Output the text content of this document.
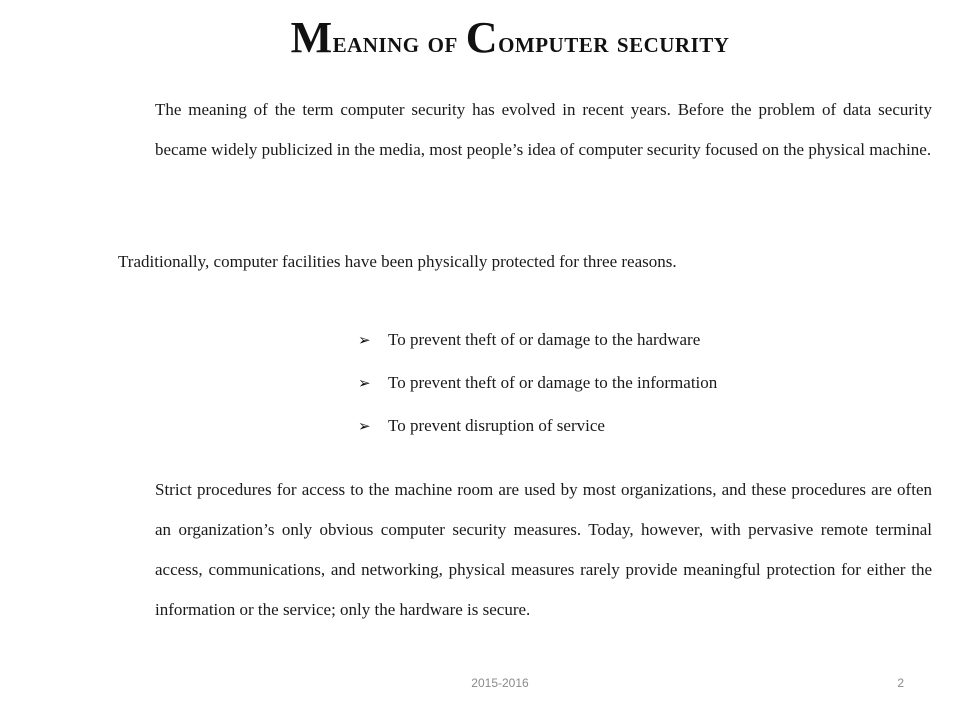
Meaning of Computer security

The meaning of the term computer security has evolved in recent years. Before the problem of data security became widely publicized in the media, most people’s idea of computer security focused on the physical machine.

Traditionally, computer facilities have been physically protected for three reasons.

➢	To prevent theft of or damage to the hardware
➢	To prevent theft of or damage to the information
➢	To prevent disruption of service

Strict procedures for access to the machine room are used by most organizations, and these procedures are often an organization’s only obvious computer security measures. Today, however, with pervasive remote terminal access, communications, and networking, physical measures rarely provide meaningful protection for either the information or the service; only the hardware is secure.

2015-2016	2
